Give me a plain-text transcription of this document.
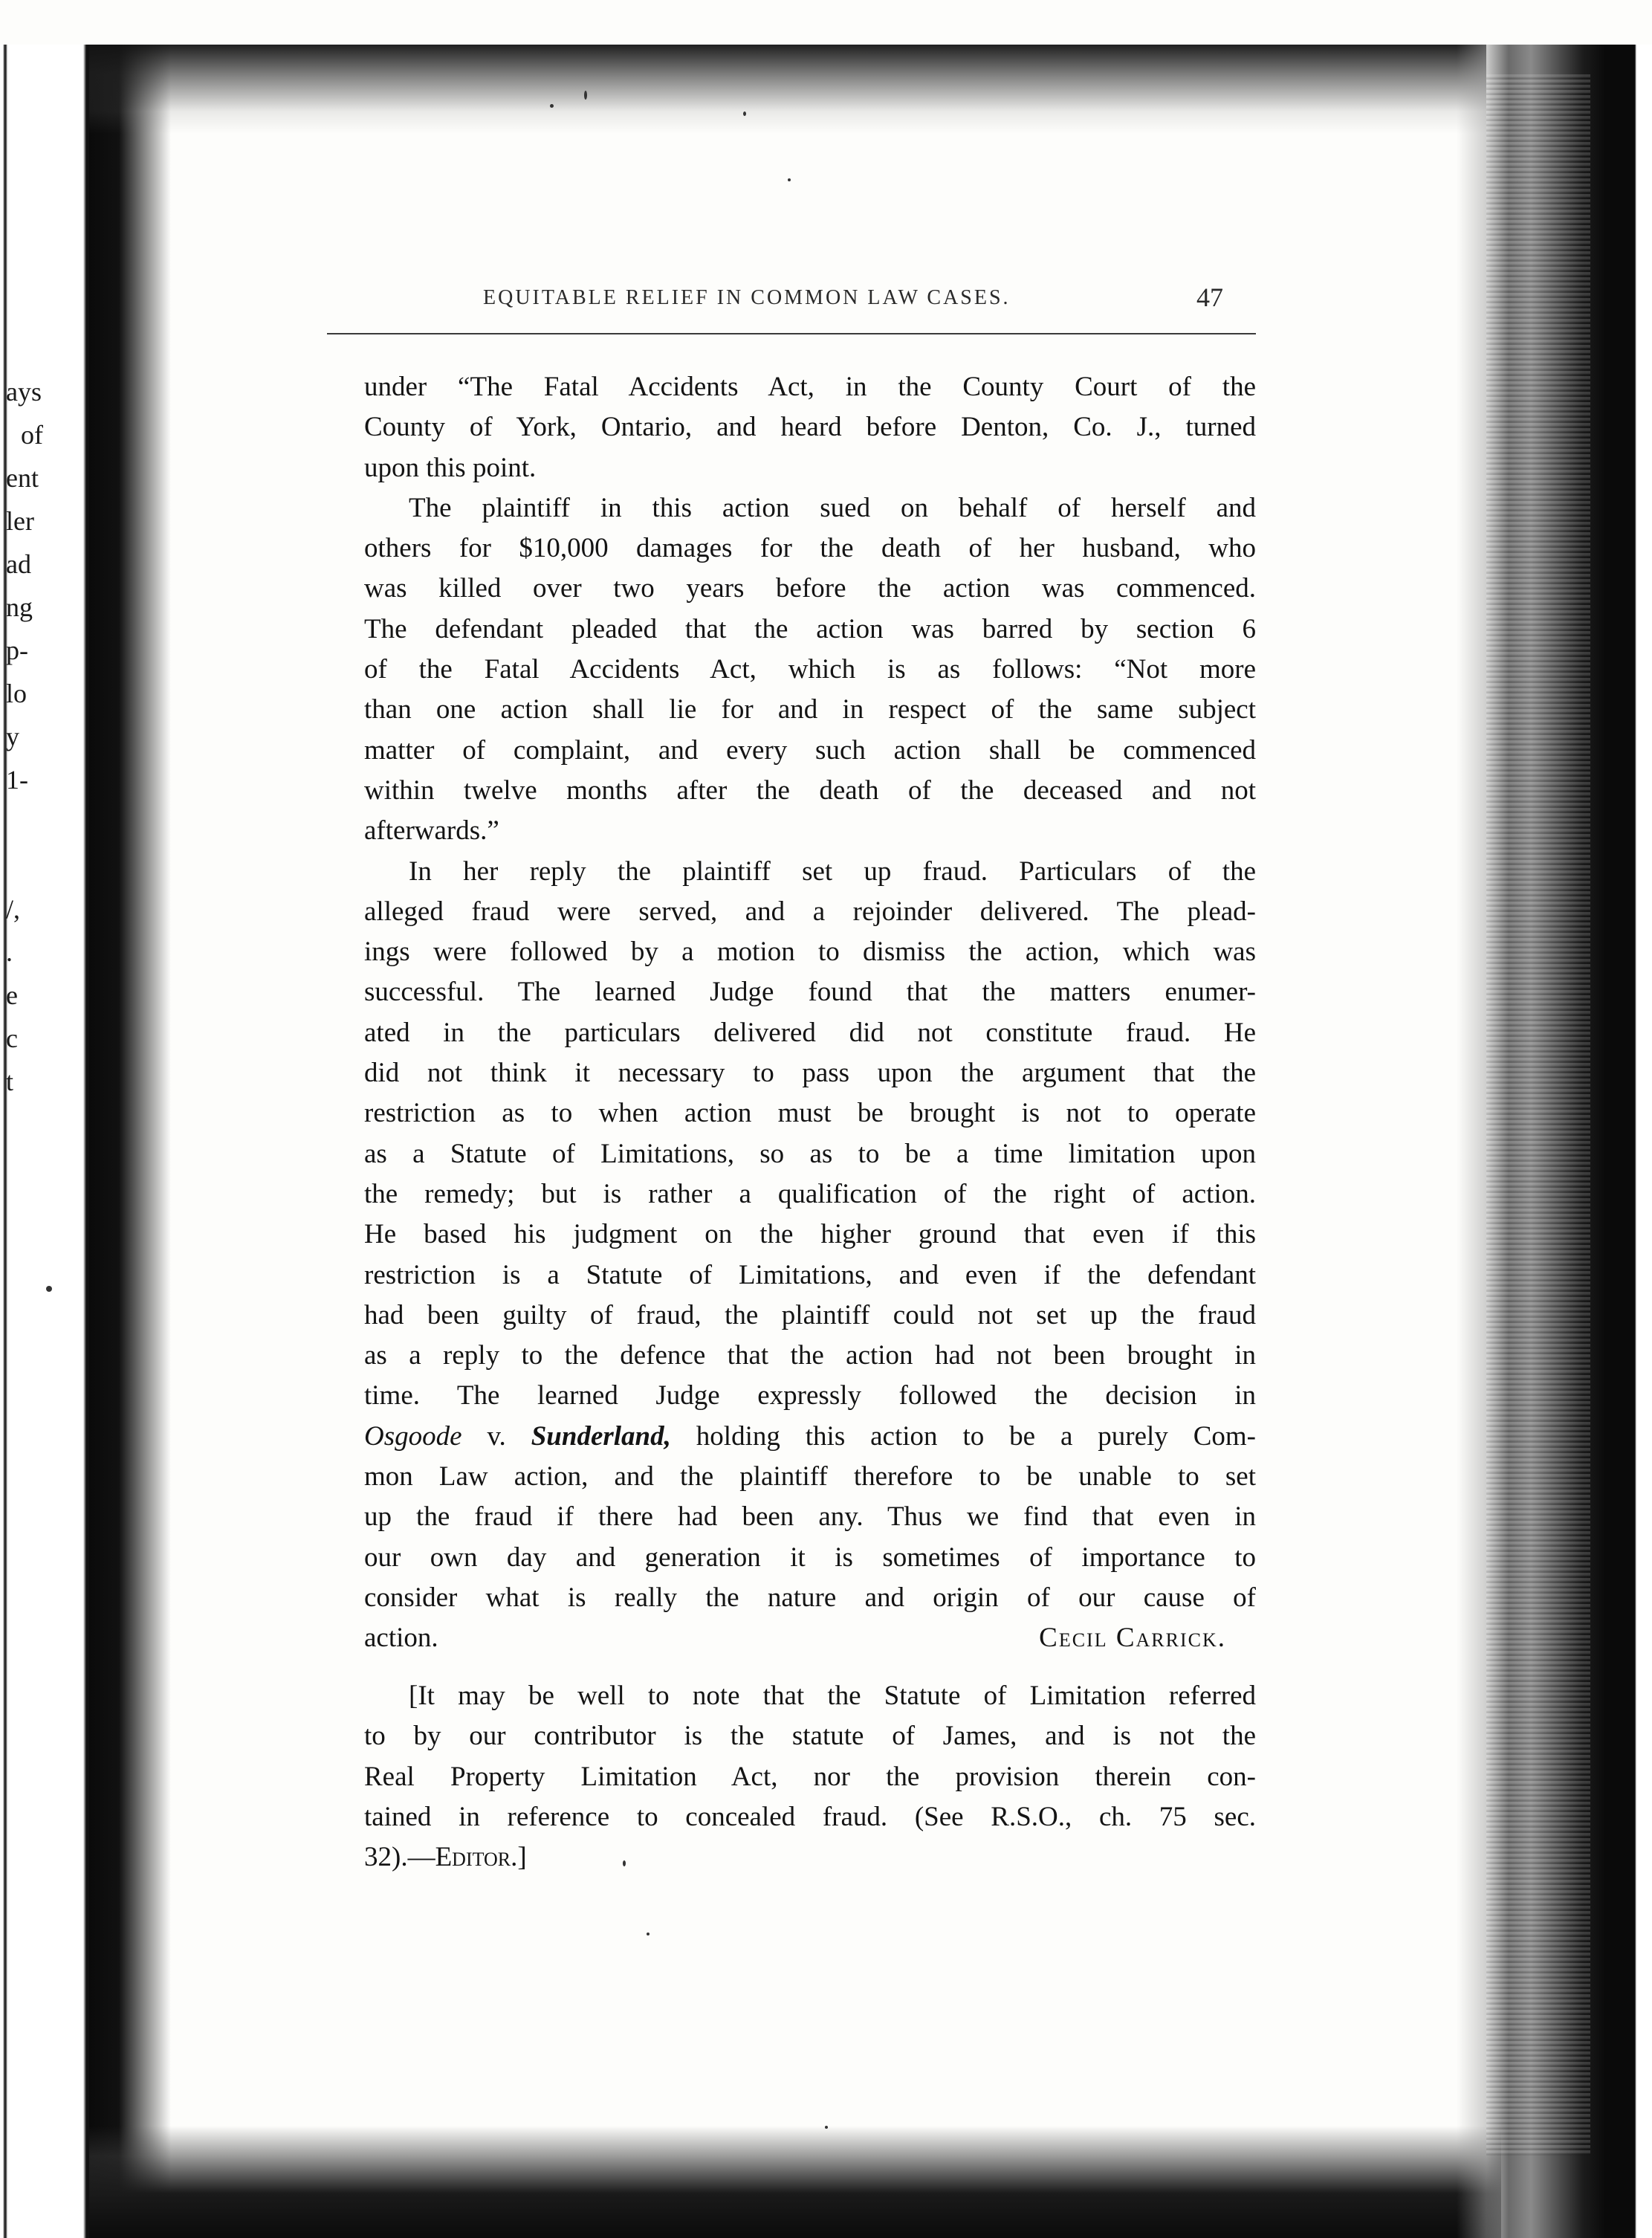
ays
of
ent
ler
ad
ng
p-
lo
y
1-
/,
.
e
c
t
EQUITABLE RELIEF IN COMMON LAW CASES.	47
under “The Fatal Accidents Act, in the County Court of the
County of York, Ontario, and heard before Denton, Co. J., turned
upon this point.
The plaintiff in this action sued on behalf of herself and
others for $10,000 damages for the death of her husband, who
was killed over two years before the action was commenced.
The defendant pleaded that the action was barred by section 6
of the Fatal Accidents Act, which is as follows: “Not more
than one action shall lie for and in respect of the same subject
matter of complaint, and every such action shall be commenced
within twelve months after the death of the deceased and not
afterwards.”
In her reply the plaintiff set up fraud. Particulars of the
alleged fraud were served, and a rejoinder delivered. The plead-
ings were followed by a motion to dismiss the action, which was
successful. The learned Judge found that the matters enumer-
ated in the particulars delivered did not constitute fraud. He
did not think it necessary to pass upon the argument that the
restriction as to when action must be brought is not to operate
as a Statute of Limitations, so as to be a time limitation upon
the remedy; but is rather a qualification of the right of action.
He based his judgment on the higher ground that even if this
restriction is a Statute of Limitations, and even if the defendant
had been guilty of fraud, the plaintiff could not set up the fraud
as a reply to the defence that the action had not been brought in
time. The learned Judge expressly followed the decision in
Osgoode v. Sunderland, holding this action to be a purely Com-
mon Law action, and the plaintiff therefore to be unable to set
up the fraud if there had been any. Thus we find that even in
our own day and generation it is sometimes of importance to
consider what is really the nature and origin of our cause of
action.	Cecil Carrick.
[It may be well to note that the Statute of Limitation referred
to by our contributor is the statute of James, and is not the
Real Property Limitation Act, nor the provision therein con-
tained in reference to concealed fraud. (See R.S.O., ch. 75 sec.
32).—Editor.]
